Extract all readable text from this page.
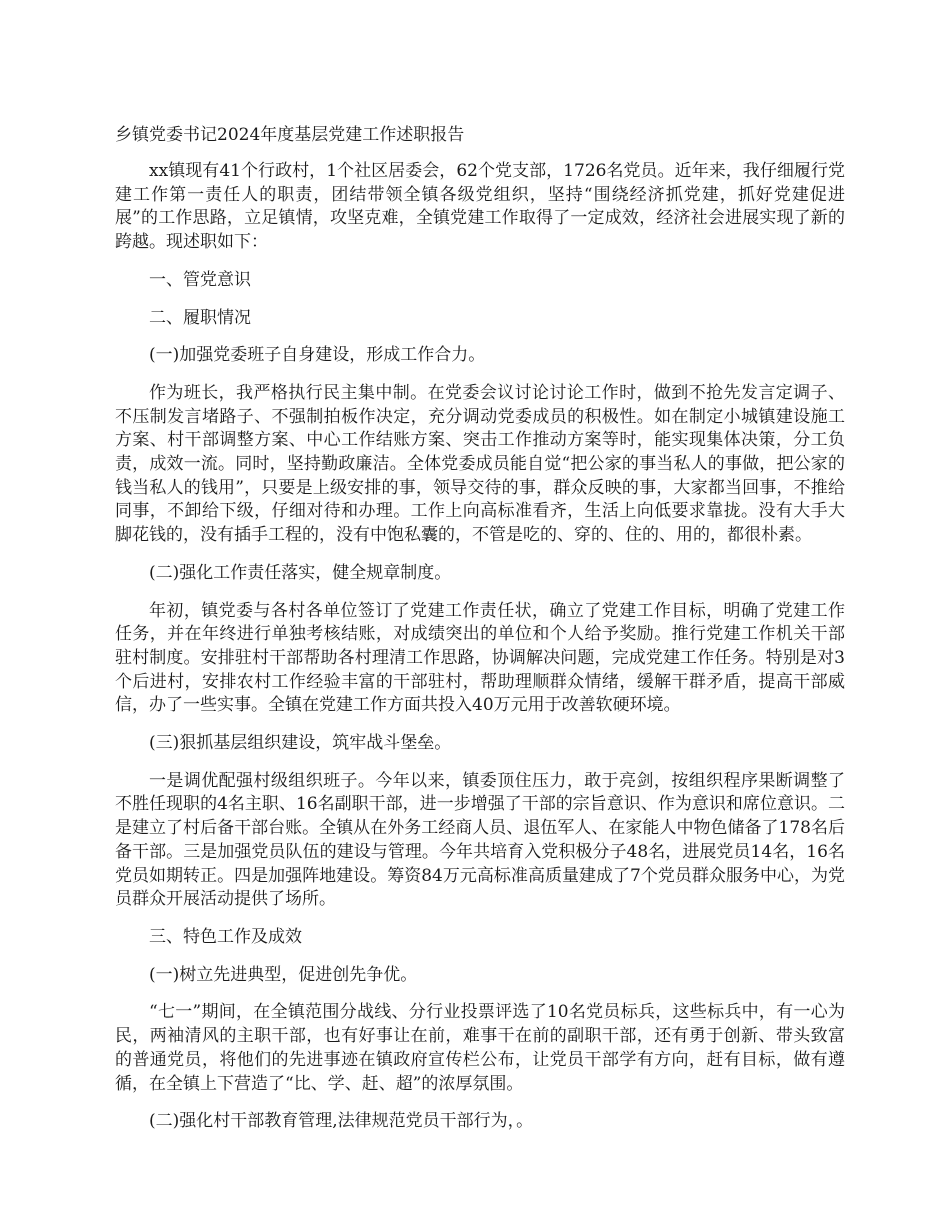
乡镇党委书记2024年度基层党建工作述职报告

xx镇现有41个行政村，1个社区居委会，62个党支部，1726名党员。近年来，我仔细履行党建工作第一责任人的职责，团结带领全镇各级党组织，坚持“围绕经济抓党建，抓好党建促进展”的工作思路，立足镇情，攻坚克难，全镇党建工作取得了一定成效，经济社会进展实现了新的跨越。现述职如下：

一、管党意识

二、履职情况

(一)加强党委班子自身建设，形成工作合力。

作为班长，我严格执行民主集中制。在党委会议讨论讨论工作时，做到不抢先发言定调子、不压制发言堵路子、不强制拍板作决定，充分调动党委成员的积极性。如在制定小城镇建设施工方案、村干部调整方案、中心工作结账方案、突击工作推动方案等时，能实现集体决策，分工负责，成效一流。同时，坚持勤政廉洁。全体党委成员能自觉“把公家的事当私人的事做，把公家的钱当私人的钱用”，只要是上级安排的事，领导交待的事，群众反映的事，大家都当回事，不推给同事，不卸给下级，仔细对待和办理。工作上向高标准看齐，生活上向低要求靠拢。没有大手大脚花钱的，没有插手工程的，没有中饱私囊的，不管是吃的、穿的、住的、用的，都很朴素。

(二)强化工作责任落实，健全规章制度。

年初，镇党委与各村各单位签订了党建工作责任状，确立了党建工作目标，明确了党建工作任务，并在年终进行单独考核结账，对成绩突出的单位和个人给予奖励。推行党建工作机关干部驻村制度。安排驻村干部帮助各村理清工作思路，协调解决问题，完成党建工作任务。特别是对3个后进村，安排农村工作经验丰富的干部驻村，帮助理顺群众情绪，缓解干群矛盾，提高干部威信，办了一些实事。全镇在党建工作方面共投入40万元用于改善软硬环境。

(三)狠抓基层组织建设，筑牢战斗堡垒。

一是调优配强村级组织班子。今年以来，镇委顶住压力，敢于亮剑，按组织程序果断调整了不胜任现职的4名主职、16名副职干部，进一步增强了干部的宗旨意识、作为意识和席位意识。二是建立了村后备干部台账。全镇从在外务工经商人员、退伍军人、在家能人中物色储备了178名后备干部。三是加强党员队伍的建设与管理。今年共培育入党积极分子48名，进展党员14名，16名党员如期转正。四是加强阵地建设。筹资84万元高标准高质量建成了7个党员群众服务中心，为党员群众开展活动提供了场所。

三、特色工作及成效

(一)树立先进典型，促进创先争优。

“七一”期间，在全镇范围分战线、分行业投票评选了10名党员标兵，这些标兵中，有一心为民，两袖清风的主职干部，也有好事让在前，难事干在前的副职干部，还有勇于创新、带头致富的普通党员，将他们的先进事迹在镇政府宣传栏公布，让党员干部学有方向，赶有目标，做有遵循，在全镇上下营造了“比、学、赶、超”的浓厚氛围。

(二)强化村干部教育管理,法律规范党员干部行为，。
